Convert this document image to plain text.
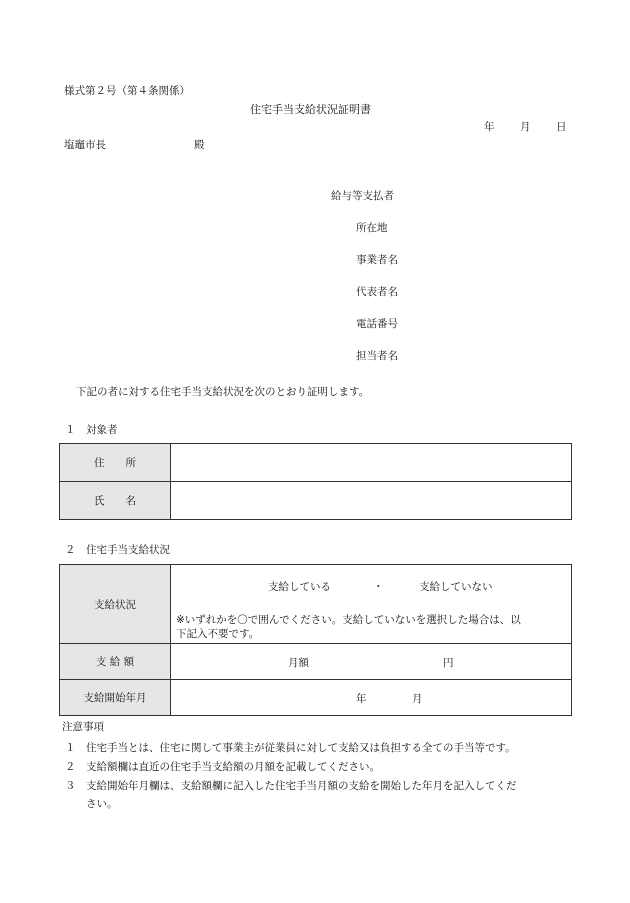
様式第２号（第４条関係）
住宅手当支給状況証明書
年 月 日
塩竈市長	殿
給与等支払者
所在地
事業者名
代表者名
電話番号
担当者名
下記の者に対する住宅手当支給状況を次のとおり証明します。
１　対象者
住　　所	
氏　　名	
２　住宅手当支給状況
支給状況	支給している ・ 支給していない
※いずれかを〇で囲んでください。支給していないを選択した場合は、以
下記入不要です。

支 給 額	月額 円

支給開始年月	年 月
注意事項
１ 住宅手当とは、住宅に関して事業主が従業員に対して支給又は負担する全ての手当等です。
２ 支給額欄は直近の住宅手当支給額の月額を記載してください。
３ 支給開始年月欄は、支給額欄に記入した住宅手当月額の支給を開始した年月を記入してくだ
さい。
